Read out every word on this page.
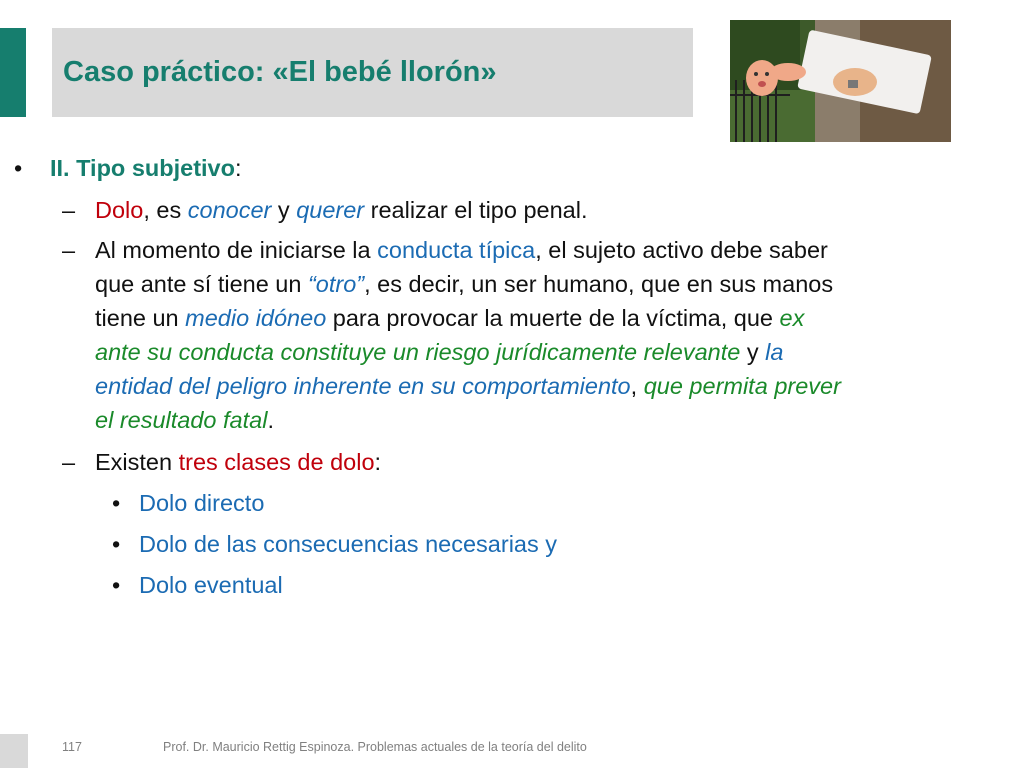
Caso práctico: «El bebé llorón»
• II. Tipo subjetivo:
– Dolo, es conocer y querer realizar el tipo penal.
– Al momento de iniciarse la conducta típica, el sujeto activo debe saber
que ante sí tiene un “otro”, es decir, un ser humano, que en sus manos
tiene un medio idóneo para provocar la muerte de la víctima, que ex
ante su conducta constituye un riesgo jurídicamente relevante y la
entidad del peligro inherente en su comportamiento, que permita prever
el resultado fatal.
– Existen tres clases de dolo:
• Dolo directo
• Dolo de las consecuencias necesarias y
• Dolo eventual
117	Prof. Dr. Mauricio Rettig Espinoza. Problemas actuales de la teoría del delito
